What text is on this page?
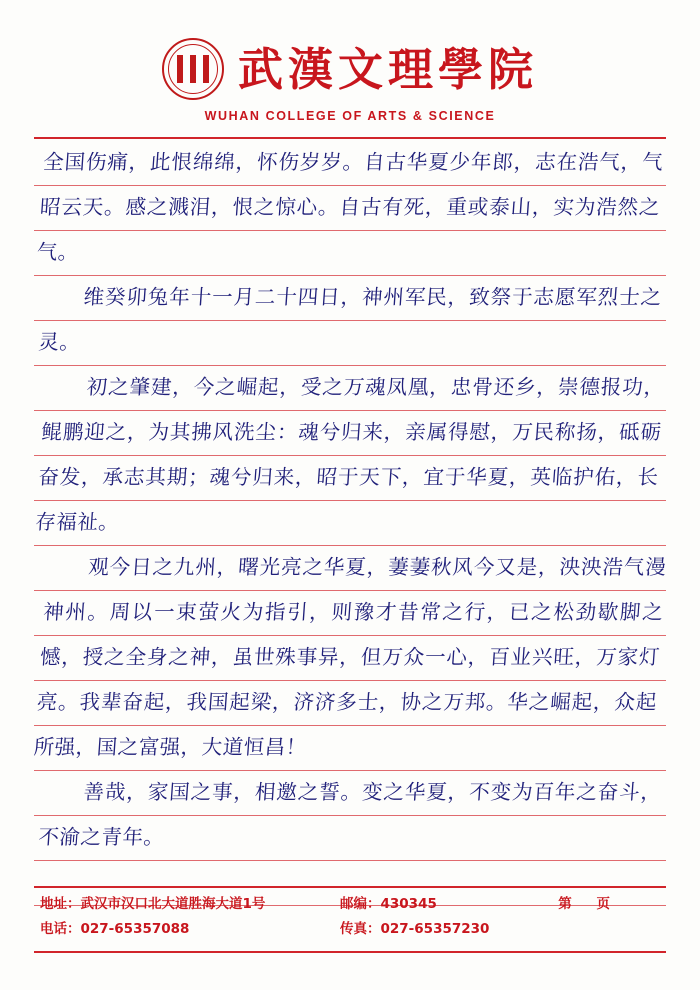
武漢文理學院
WUHAN COLLEGE OF ARTS & SCIENCE

全国伤痛，此恨绵绵，怀伤岁岁。自古华夏少年郎，志在浩气，气昭云天。感之溅泪，恨之惊心。自古有死，重或泰山，实为浩然之气。

维癸卯兔年十一月二十四日，神州军民，致祭于志愿军烈士之灵。

初之肇建，今之崛起，受之万魂凤凰，忠骨还乡，崇德报功，鲲鹏迎之，为其拂风洗尘：魂兮归来，亲属得慰，万民称扬，砥砺奋发，承志其期；魂兮归来，昭于天下，宜于华夏，英临护佑，长存福祉。

观今日之九州，曙光亮之华夏，萋萋秋风今又是，泱泱浩气漫神州。周以一束萤火为指引，则豫才昔常之行，已之松劲歇脚之憾，授之全身之神，虽世殊事异，但万众一心，百业兴旺，万家灯亮。我辈奋起，我国起梁，济济多士，协之万邦。华之崛起，众起所强，国之富强，大道恒昌！

善哉，家国之事，相邀之誓。变之华夏，不变为百年之奋斗，不渝之青年。

地址：武汉市汉口北大道胜海大道1号	邮编：430345	第 页
电话：027-65357088	传真：027-65357230
